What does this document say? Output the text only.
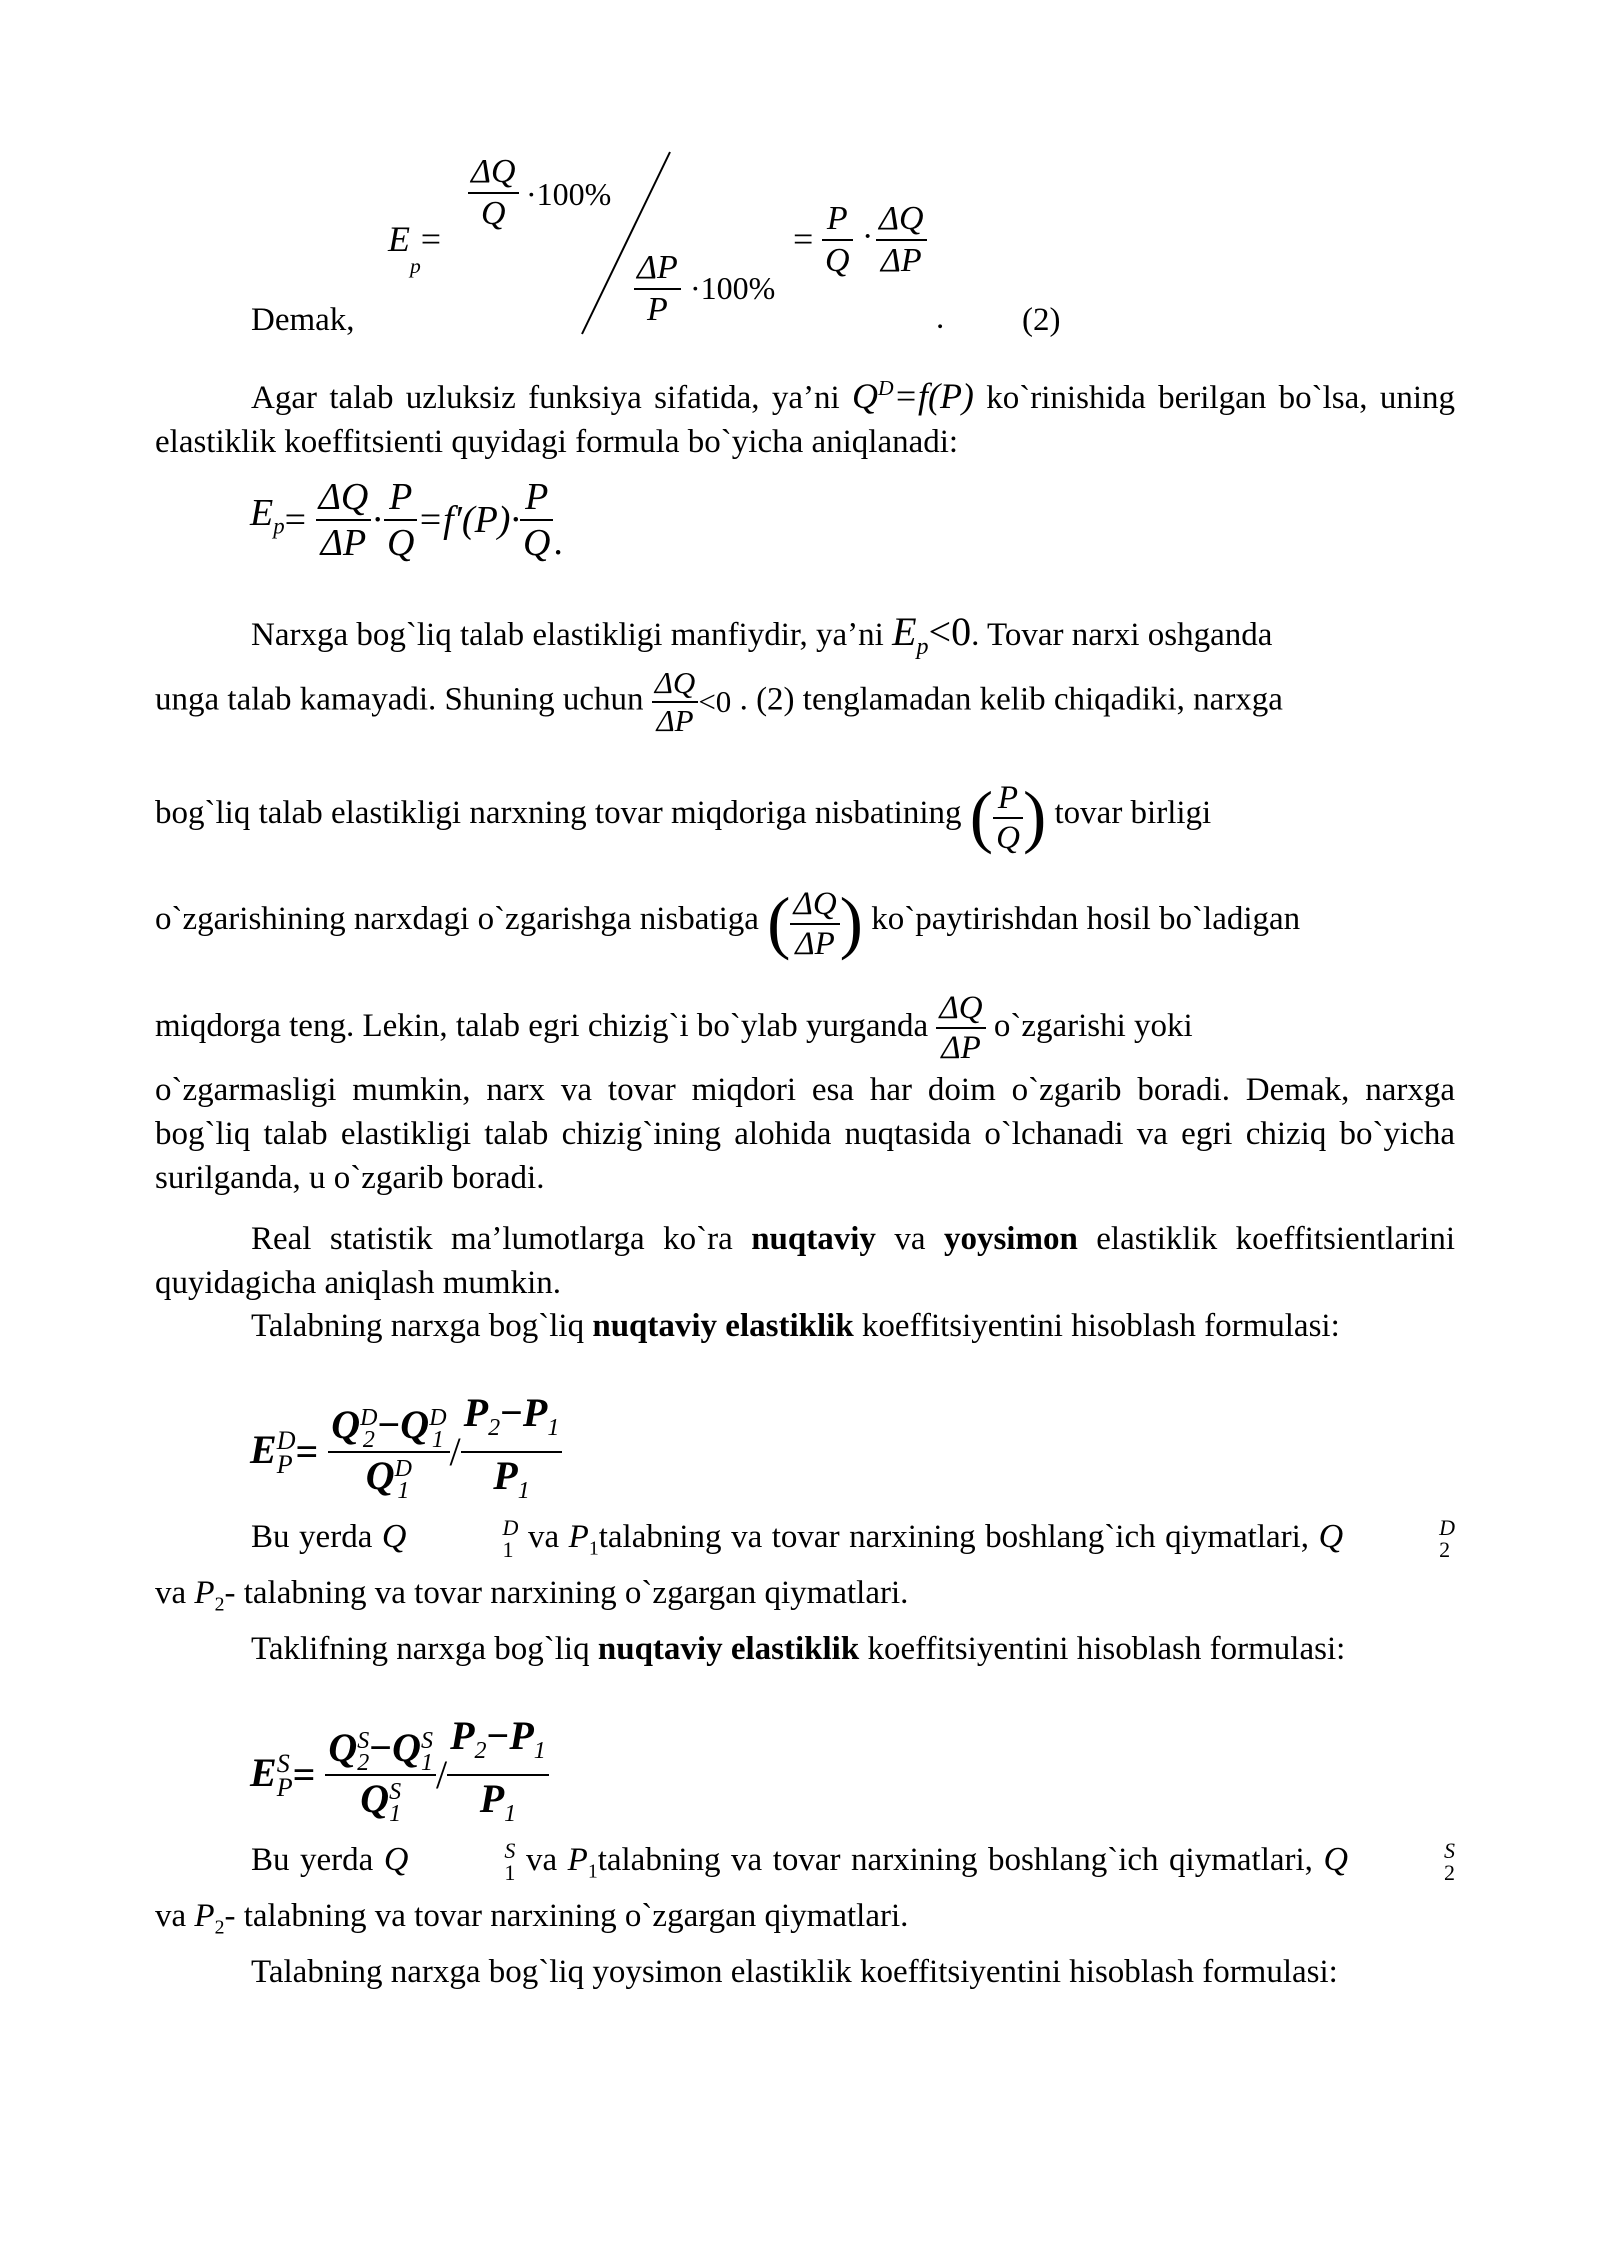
$E_p=$
$\frac{\Delta Q}{Q} \cdot 100\%$
$\frac{\Delta P}{P} \cdot 100\%$
= $\frac{P}{Q} \cdot \frac{\Delta Q}{\Delta P}$
. (2)
Demak,
Agar talab uzluksiz funksiya sifatida, yaʼni $Q^D=f(P)$ ko`rinishida berilgan bo`lsa, uning elastiklik koeffitsienti quyidagi formula bo`yicha aniqlanadi:
$E_p= \frac{\Delta Q}{\Delta P} \cdot \frac{P}{Q} =f'(P)\cdot \frac{P}{Q}$ .
Narxga bog`liq talab elastikligi manfiydir, yaʼni $E_p<0$. Tovar narxi oshganda
unga talab kamayadi. Shuning uchun $\frac{\Delta Q}{\Delta P} <0$ . (2) tenglamadan kelib chiqadiki, narxga
bog`liq talab elastikligi narxning tovar miqdoriga nisbatining ( $\frac{P}{Q}$ ) tovar birligi
o`zgarishining narxdagi o`zgarishga nisbatiga ( $\frac{\Delta Q}{\Delta P}$ ) ko`paytirishdan hosil bo`ladigan
miqdorga teng. Lekin, talab egri chizig`i bo`ylab yurganda $\frac{\Delta Q}{\Delta P}$ o`zgarishi yoki
o`zgarmasligi mumkin, narx va tovar miqdori esa har doim o`zgarib boradi. Demak, narxga bog`liq talab elastikligi talab chizig`ining alohida nuqtasida o`lchanadi va egri chiziq bo`yicha surilganda, u o`zgarib boradi.
Real statistik maʼlumotlarga ko`ra nuqtaviy va yoysimon elastiklik koeffitsientlarini quyidagicha aniqlash mumkin.
Talabning narxga bog`liq nuqtaviy elastiklik koeffitsiyentini hisoblash formulasi:
E D
P = Q D
2 −Q D
1
Q D
$1 / \frac{P_2-P_1}{P_1}$
Bu yerda Q	D
1 va $P_1talabning$ va tovar narxining boshlang`ich qiymatlari, Q	D
2
va $P_2-$ talabning va tovar narxining o`zgargan qiymatlari.
Taklifning narxga bog`liq nuqtaviy elastiklik koeffitsiyentini hisoblash formulasi:
E S
P = Q S
2 −Q S
1
Q S
$1 / \frac{P_2-P_1}{P_1}$
Bu yerda Q	S
1 va $P_1talabning$ va tovar narxining boshlang`ich qiymatlari, Q	S
2
va $P_2-$ talabning va tovar narxining o`zgargan qiymatlari.
Talabning narxga bog`liq yoysimon elastiklik koeffitsiyentini hisoblash formulasi:
